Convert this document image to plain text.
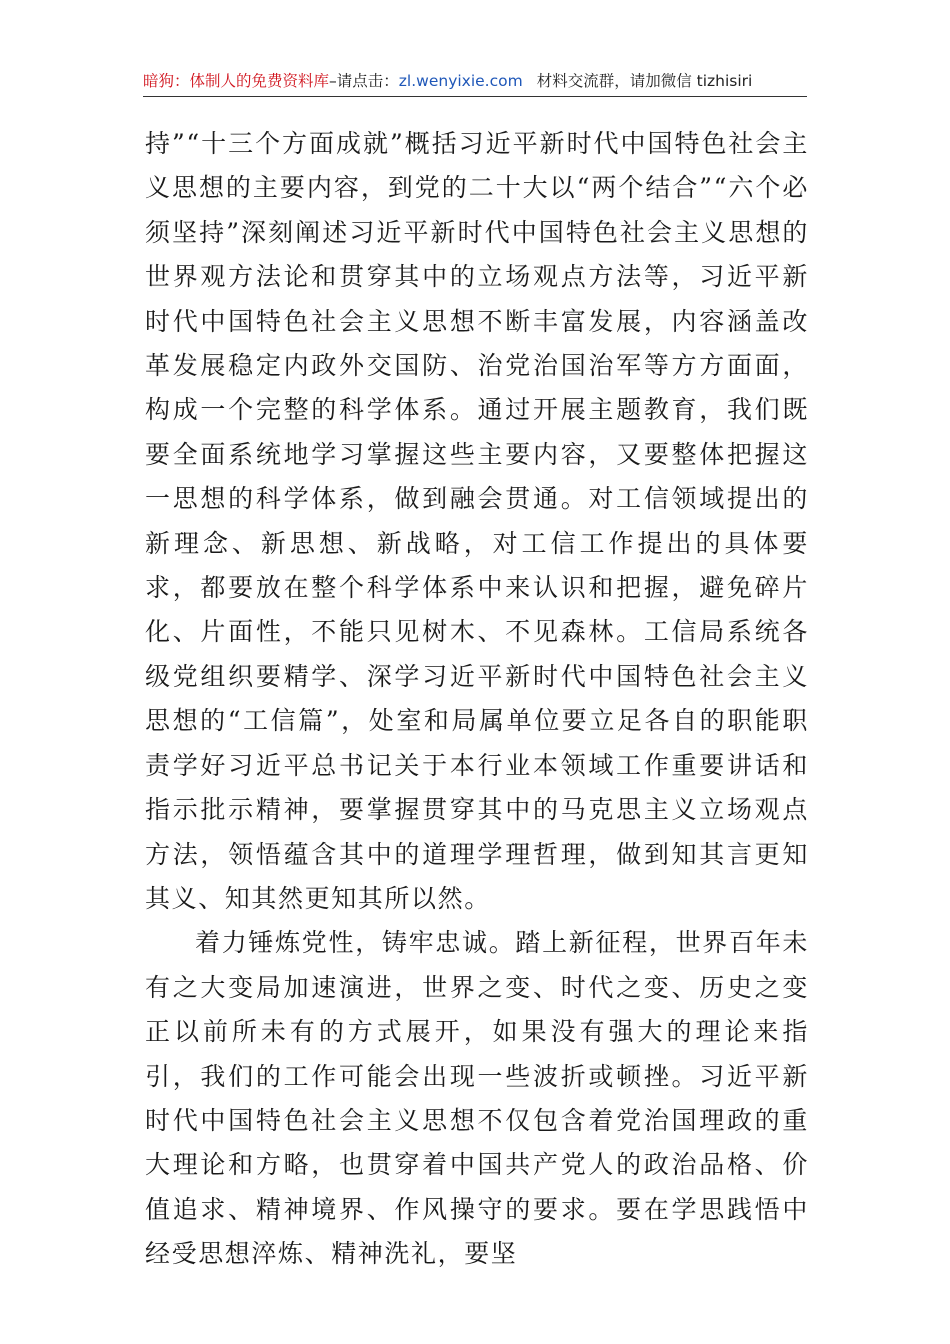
暗狗：体制人的免费资料库–请点击：zl.wenyixie.com 材料交流群，请加微信 tizhisiri

持”“十三个方面成就”概括习近平新时代中国特色社会主义思想的主要内容，到党的二十大以“两个结合”“六个必须坚持”深刻阐述习近平新时代中国特色社会主义思想的世界观方法论和贯穿其中的立场观点方法等，习近平新时代中国特色社会主义思想不断丰富发展，内容涵盖改革发展稳定内政外交国防、治党治国治军等方方面面，构成一个完整的科学体系。通过开展主题教育，我们既要全面系统地学习掌握这些主要内容，又要整体把握这一思想的科学体系，做到融会贯通。对工信领域提出的新理念、新思想、新战略，对工信工作提出的具体要求，都要放在整个科学体系中来认识和把握，避免碎片化、片面性，不能只见树木、不见森林。工信局系统各级党组织要精学、深学习近平新时代中国特色社会主义思想的“工信篇”，处室和局属单位要立足各自的职能职责学好习近平总书记关于本行业本领域工作重要讲话和指示批示精神，要掌握贯穿其中的马克思主义立场观点方法，领悟蕴含其中的道理学理哲理，做到知其言更知其义、知其然更知其所以然。

着力锤炼党性，铸牢忠诚。踏上新征程，世界百年未有之大变局加速演进，世界之变、时代之变、历史之变正以前所未有的方式展开，如果没有强大的理论来指引，我们的工作可能会出现一些波折或顿挫。习近平新时代中国特色社会主义思想不仅包含着党治国理政的重大理论和方略，也贯穿着中国共产党人的政治品格、价值追求、精神境界、作风操守的要求。要在学思践悟中经受思想淬炼、精神洗礼，要坚
